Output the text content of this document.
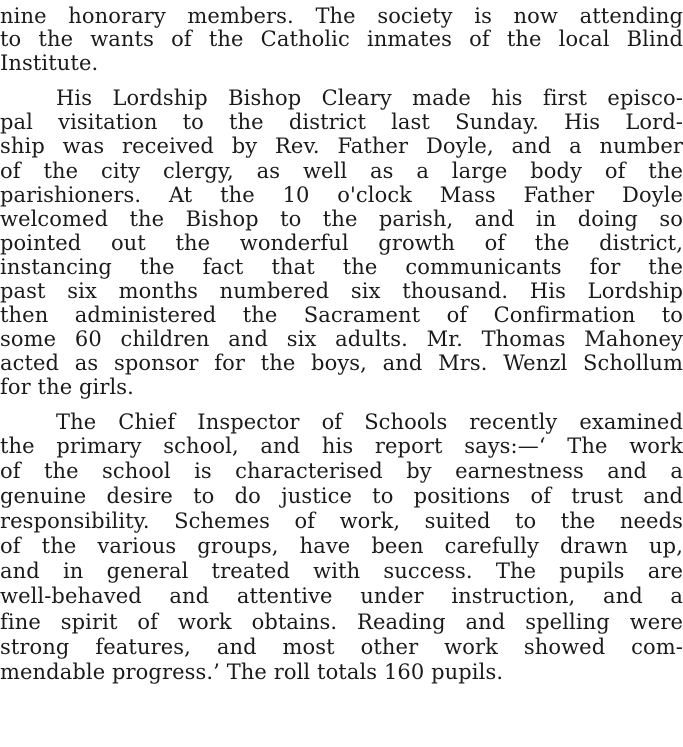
nine honorary members. The society is now attending
to the wants of the Catholic inmates of the local Blind
Institute.
His Lordship Bishop Cleary made his first episco-
pal visitation to the district last Sunday. His Lord-
ship was received by Rev. Father Doyle, and a number
of the city clergy, as well as a large body of the
parishioners. At the 10 o'clock Mass Father Doyle
welcomed the Bishop to the parish, and in doing so
pointed out the wonderful growth of the district,
instancing the fact that the communicants for the
past six months numbered six thousand. His Lordship
then administered the Sacrament of Confirmation to
some 60 children and six adults. Mr. Thomas Mahoney
acted as sponsor for the boys, and Mrs. Wenzl Schollum
for the girls.
The Chief Inspector of Schools recently examined
the primary school, and his report says:—‘ The work
of the school is characterised by earnestness and a
genuine desire to do justice to positions of trust and
responsibility. Schemes of work, suited to the needs
of the various groups, have been carefully drawn up,
and in general treated with success. The pupils are
well-behaved and attentive under instruction, and a
fine spirit of work obtains. Reading and spelling were
strong features, and most other work showed com-
mendable progress.’ The roll totals 160 pupils.
